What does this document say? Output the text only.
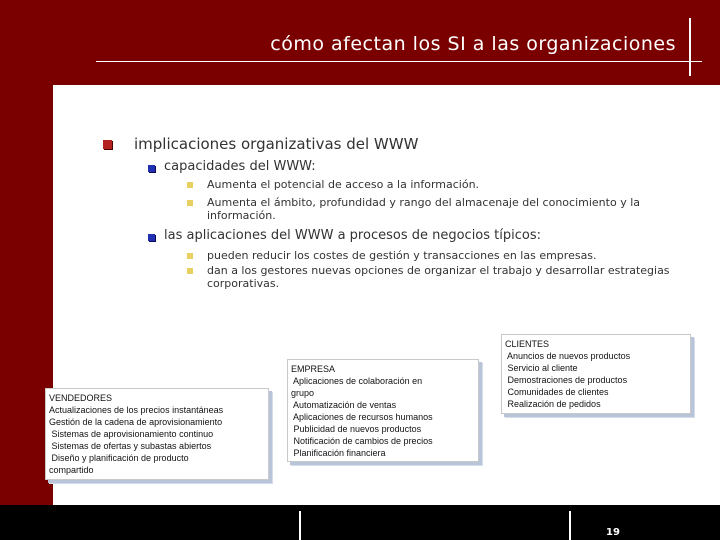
cómo afectan los SI a las organizaciones
implicaciones organizativas del WWW
capacidades del WWW:
Aumenta el potencial de acceso a la información.
Aumenta el ámbito, profundidad y rango del almacenaje del conocimiento y la información.
las aplicaciones del WWW a procesos de negocios típicos:
pueden reducir los costes de gestión y transacciones en las empresas.
dan a los gestores nuevas opciones de organizar el trabajo y desarrollar estrategias corporativas.
VENDEDORES
Actualizaciones de los precios instantáneas
Gestión de la cadena de aprovisionamiento
Sistemas de aprovisionamiento continuo
Sistemas de ofertas y subastas abiertos
Diseño y planificación de producto
compartido
EMPRESA
Aplicaciones de colaboración en
grupo
Automatización de ventas
Aplicaciones de recursos humanos
Publicidad de nuevos productos
Notificación de cambios de precios
Planificación financiera
CLIENTES
Anuncios de nuevos productos
Servicio al cliente
Demostraciones de productos
Comunidades de clientes
Realización de pedidos
19
